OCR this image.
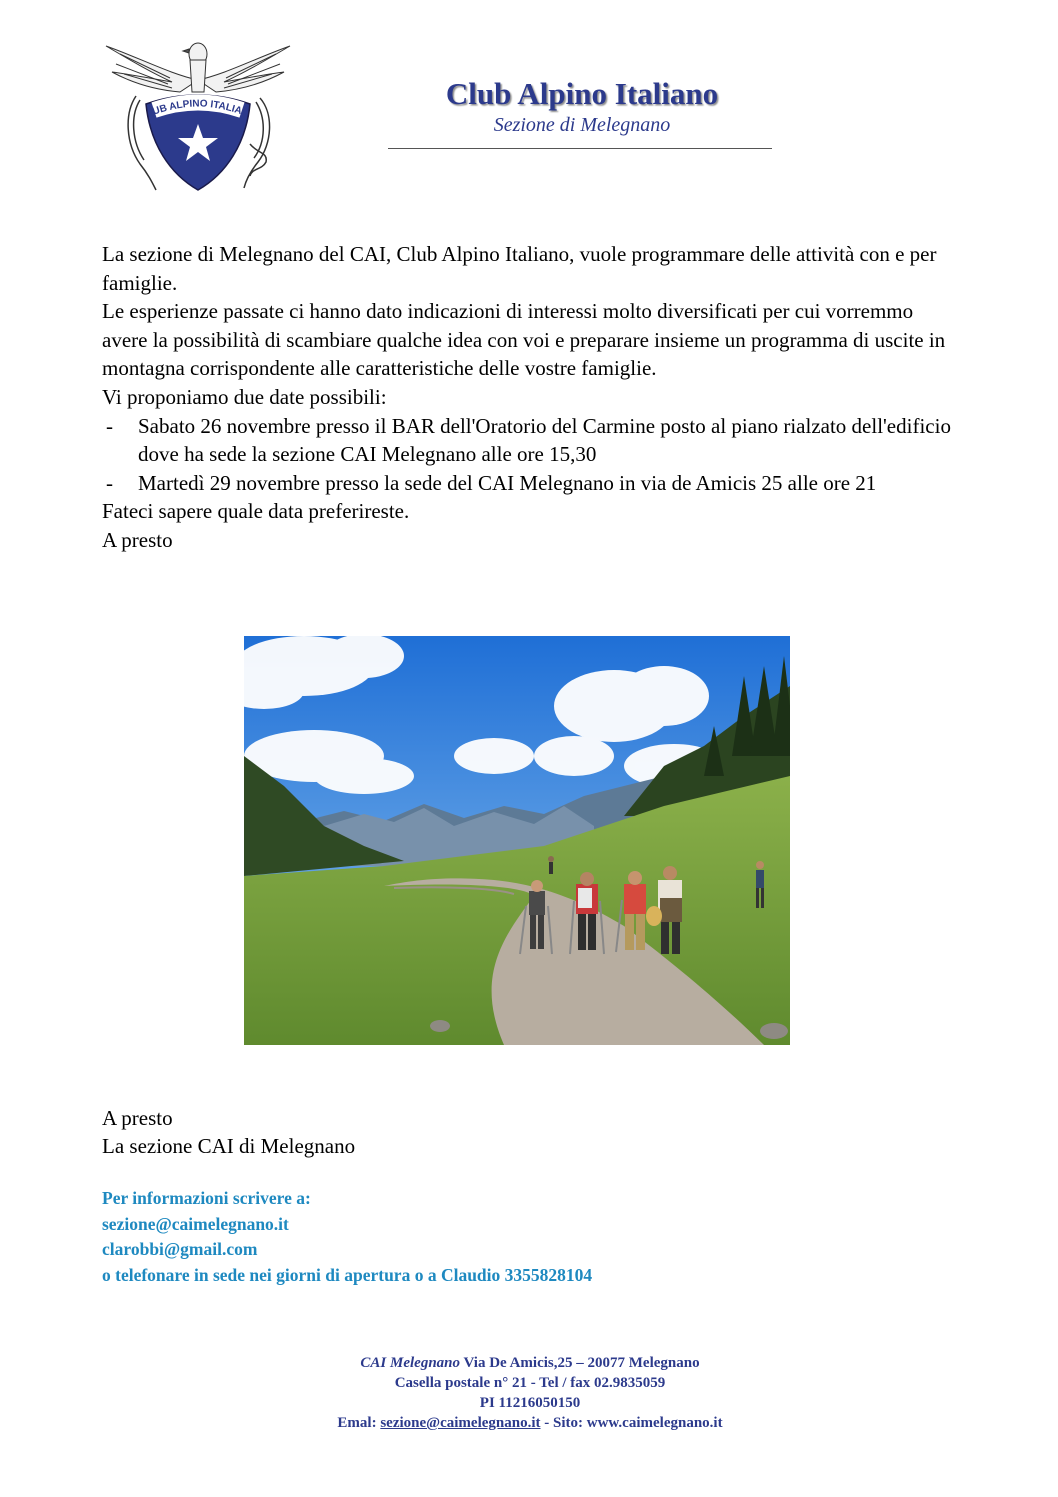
UB ALPINO ITALIA	Club Alpino Italiano
Sezione di Melegnano

La sezione di Melegnano del CAI, Club Alpino Italiano, vuole programmare delle attività con e per famiglie.

Le esperienze passate ci hanno dato indicazioni di interessi molto diversificati per cui vorremmo avere la possibilità di scambiare qualche idea con voi e preparare insieme un programma di uscite in montagna corrispondente alle caratteristiche delle vostre famiglie.

Vi proponiamo due date possibili:

- Sabato 26 novembre presso il BAR dell'Oratorio del Carmine posto al piano rialzato dell'edificio dove ha sede la sezione CAI Melegnano alle ore 15,30
- Martedì 29 novembre presso la sede del CAI Melegnano in via de Amicis 25 alle ore 21

Fateci sapere quale data preferireste.

A presto

A presto

La sezione CAI di Melegnano

Per informazioni scrivere a:

sezione@caimelegnano.it

clarobbi@gmail.com

o telefonare in sede nei giorni di apertura o a Claudio 3355828104

CAI Melegnano Via De Amicis,25 – 20077 Melegnano

Casella postale n° 21 - Tel / fax 02.9835059

PI 11216050150

Emal: sezione@caimelegnano.it - Sito: www.caimelegnano.it
